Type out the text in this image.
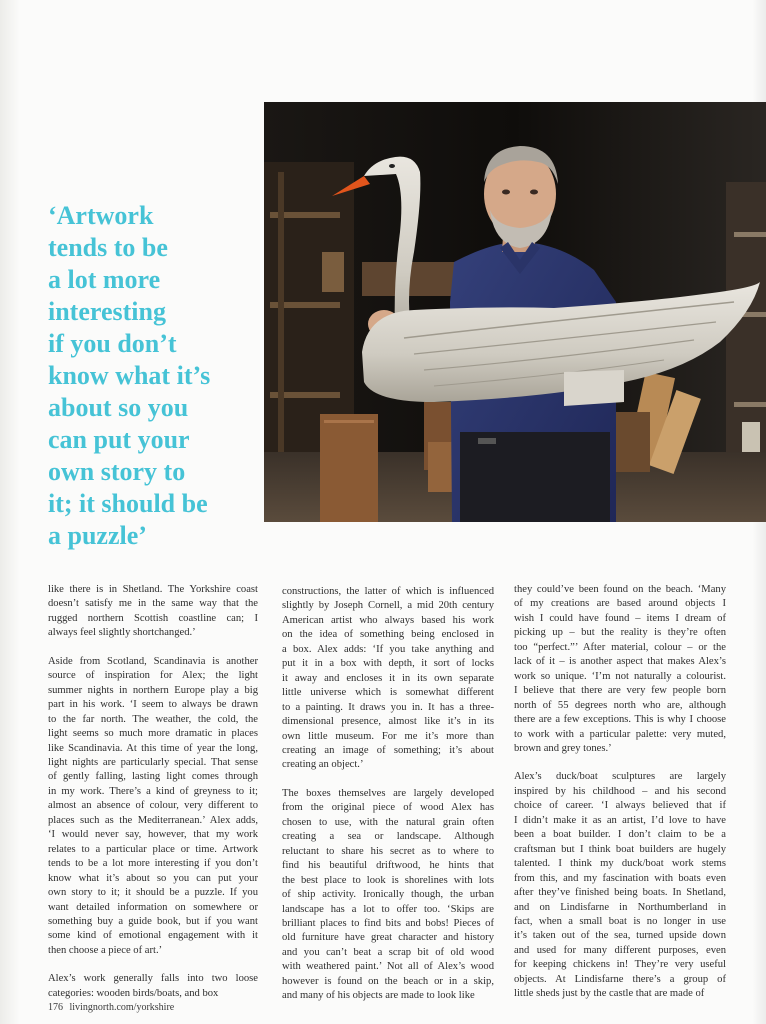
‘Artwork
tends to be
a lot more
interesting
if you don’t
know what it’s
about so you
can put your
own story to
it; it should be
a puzzle’

like there is in Shetland. The Yorkshire coast
doesn’t satisfy me in the same way that the
rugged northern Scottish coastline can; I
always feel slightly shortchanged.’

Aside from Scotland, Scandinavia is another
source of inspiration for Alex; the light
summer nights in northern Europe play a big
part in his work. ‘I seem to always be drawn
to the far north. The weather, the cold, the
light seems so much more dramatic in places
like Scandinavia. At this time of year the long,
light nights are particularly special. That sense
of gently falling, lasting light comes through
in my work. There’s a kind of greyness to it;
almost an absence of colour, very different to
places such as the Mediterranean.’ Alex adds,
‘I would never say, however, that my work
relates to a particular place or time. Artwork
tends to be a lot more interesting if you don’t
know what it’s about so you can put your
own story to it; it should be a puzzle. If you
want detailed information on somewhere or
something buy a guide book, but if you want
some kind of emotional engagement with it
then choose a piece of art.’

Alex’s work generally falls into two loose
categories: wooden birds/boats, and box

constructions, the latter of which is influenced
slightly by Joseph Cornell, a mid 20th century
American artist who always based his work
on the idea of something being enclosed in
a box. Alex adds: ‘If you take anything and
put it in a box with depth, it sort of locks
it away and encloses it in its own separate
little universe which is somewhat different
to a painting. It draws you in. It has a three-
dimensional presence, almost like it’s in its
own little museum. For me it’s more than
creating an image of something; it’s about
creating an object.’

The boxes themselves are largely developed
from the original piece of wood Alex has
chosen to use, with the natural grain often
creating a sea or landscape. Although
reluctant to share his secret as to where to
find his beautiful driftwood, he hints that
the best place to look is shorelines with lots
of ship activity. Ironically though, the urban
landscape has a lot to offer too. ‘Skips are
brilliant places to find bits and bobs! Pieces of
old furniture have great character and history
and you can’t beat a scrap bit of old wood
with weathered paint.’ Not all of Alex’s wood
however is found on the beach or in a skip,
and many of his objects are made to look like

they could’ve been found on the beach. ‘Many
of my creations are based around objects I
wish I could have found – items I dream of
picking up – but the reality is they’re often
too “perfect.”’ After material, colour – or the
lack of it – is another aspect that makes Alex’s
work so unique. ‘I’m not naturally a colourist.
I believe that there are very few people born
north of 55 degrees north who are, although
there are a few exceptions. This is why I choose
to work with a particular palette: very muted,
brown and grey tones.’

Alex’s duck/boat sculptures are largely
inspired by his childhood – and his second
choice of career. ‘I always believed that if
I didn’t make it as an artist, I’d love to have
been a boat builder. I don’t claim to be a
craftsman but I think boat builders are hugely
talented. I think my duck/boat work stems
from this, and my fascination with boats even
after they’ve finished being boats. In Shetland,
and on Lindisfarne in Northumberland in
fact, when a small boat is no longer in use
it’s taken out of the sea, turned upside down
and used for many different purposes, even
for keeping chickens in! They’re very useful
objects. At Lindisfarne there’s a group of
little sheds just by the castle that are made of

176 livingnorth.com/yorkshire
